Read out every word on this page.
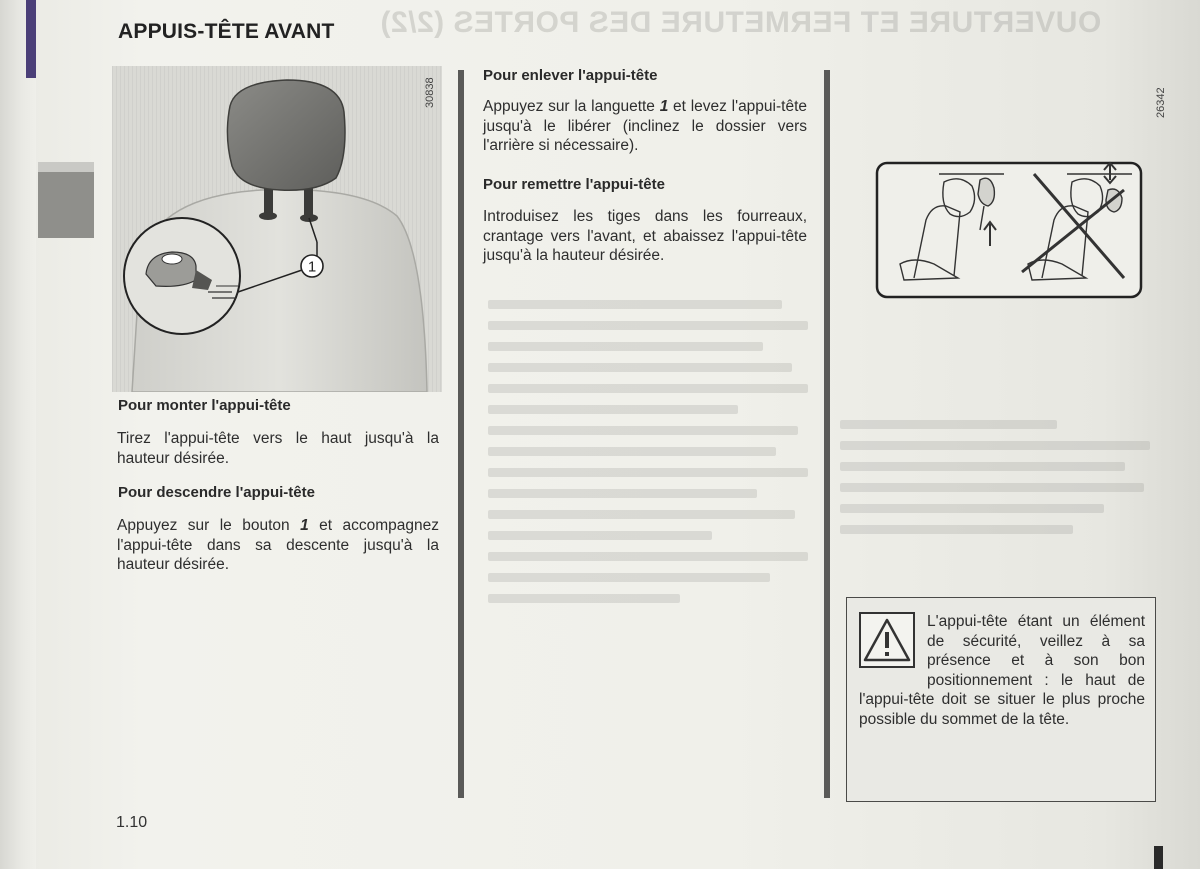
OUVERTURE ET FERMETURE DES PORTES (2/2)
APPUIS-TÊTE AVANT
1
30838
Pour monter l'appui-tête

Tirez l'appui-tête vers le haut jusqu'à la hauteur désirée.

Pour descendre l'appui-tête

Appuyez sur le bouton 1 et accompagnez l'appui-tête dans sa descente jusqu'à la hauteur désirée.

Pour enlever l'appui-tête

Appuyez sur la languette 1 et levez l'appui-tête jusqu'à le libérer (inclinez le dossier vers l'arrière si nécessaire).

Pour remettre l'appui-tête

Introduisez les tiges dans les fourreaux, crantage vers l'avant, et abaissez l'appui-tête jusqu'à la hauteur désirée.

26342

L'appui-tête étant un élément de sécurité, veillez à sa présence et à son bon positionnement : le haut de l'appui-tête doit se situer le plus proche possible du sommet de la tête.

1.10
